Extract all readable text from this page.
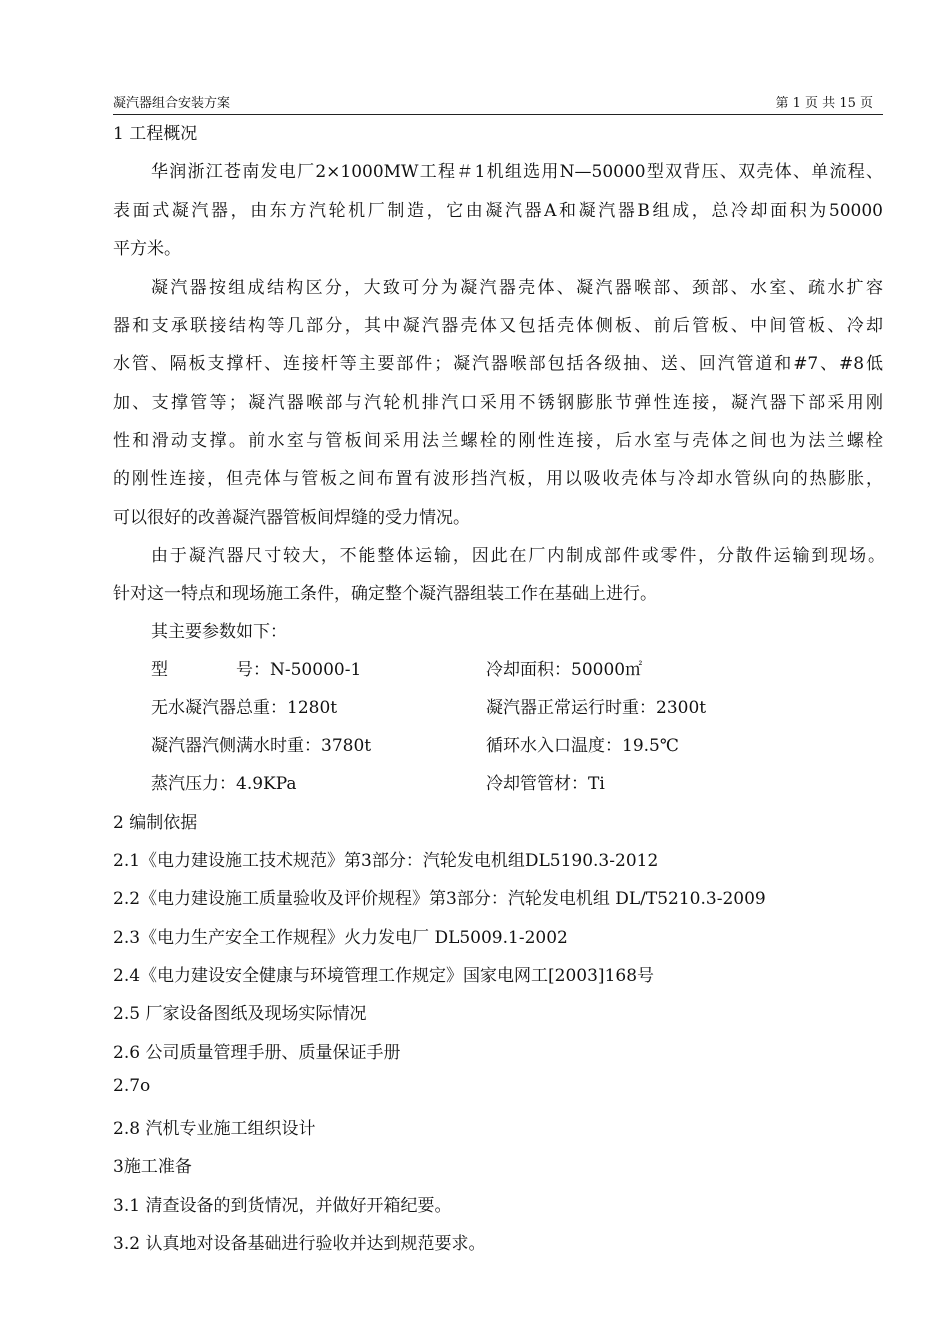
凝汽器组合安装方案	第 1 页 共 15 页
1 工程概况
华润浙江苍南发电厂2×1000MW工程＃1机组选用N—50000型双背压、双壳体、单流程、
表面式凝汽器，由东方汽轮机厂制造，它由凝汽器A和凝汽器B组成，总冷却面积为50000
平方米。
凝汽器按组成结构区分，大致可分为凝汽器壳体、凝汽器喉部、颈部、水室、疏水扩容
器和支承联接结构等几部分，其中凝汽器壳体又包括壳体侧板、前后管板、中间管板、冷却
水管、隔板支撑杆、连接杆等主要部件；凝汽器喉部包括各级抽、送、回汽管道和#7、#8低
加、支撑管等；凝汽器喉部与汽轮机排汽口采用不锈钢膨胀节弹性连接，凝汽器下部采用刚
性和滑动支撑。前水室与管板间采用法兰螺栓的刚性连接，后水室与壳体之间也为法兰螺栓
的刚性连接，但壳体与管板之间布置有波形挡汽板，用以吸收壳体与冷却水管纵向的热膨胀，
可以很好的改善凝汽器管板间焊缝的受力情况。
由于凝汽器尺寸较大，不能整体运输，因此在厂内制成部件或零件，分散件运输到现场。
针对这一特点和现场施工条件，确定整个凝汽器组装工作在基础上进行。
其主要参数如下：
型　　　　号：N-50000-1	冷却面积：50000㎡
无水凝汽器总重：1280t	凝汽器正常运行时重：2300t
凝汽器汽侧满水时重：3780t	循环水入口温度：19.5℃
蒸汽压力：4.9KPa	冷却管管材：Ti
2 编制依据
2.1《电力建设施工技术规范》第3部分：汽轮发电机组DL5190.3-2012
2.2《电力建设施工质量验收及评价规程》第3部分：汽轮发电机组 DL/T5210.3-2009
2.3《电力生产安全工作规程》火力发电厂 DL5009.1-2002
2.4《电力建设安全健康与环境管理工作规定》国家电网工[2003]168号
2.5 厂家设备图纸及现场实际情况
2.6 公司质量管理手册、质量保证手册
2.7o
2.8 汽机专业施工组织设计
3施工准备
3.1 清查设备的到货情况，并做好开箱纪要。
3.2 认真地对设备基础进行验收并达到规范要求。
